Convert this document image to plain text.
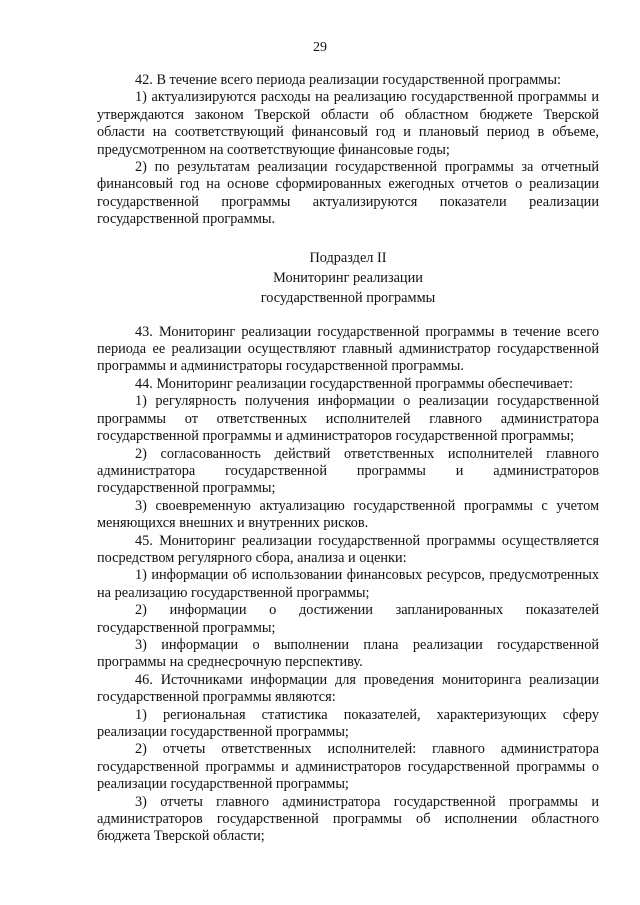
29

42. В течение всего периода реализации государственной программы:

1) актуализируются расходы на реализацию государственной программы и утверждаются законом Тверской области об областном бюджете Тверской области на соответствующий финансовый год и плановый период в объеме, предусмотренном на соответствующие финансовые годы;

2) по результатам реализации государственной программы за отчетный финансовый год на основе сформированных ежегодных отчетов о реализации государственной программы актуализируются показатели реализации государственной программы.

Подраздел II
Мониторинг реализации
государственной программы

43. Мониторинг реализации государственной программы в течение всего периода ее реализации осуществляют главный администратор государственной программы и администраторы государственной программы.

44. Мониторинг реализации государственной программы обеспечивает:

1) регулярность получения информации о реализации государственной программы от ответственных исполнителей главного администратора государственной программы и администраторов государственной программы;

2) согласованность действий ответственных исполнителей главного администратора государственной программы и администраторов государственной программы;

3) своевременную актуализацию государственной программы с учетом меняющихся внешних и внутренних рисков.

45. Мониторинг реализации государственной программы осуществляется посредством регулярного сбора, анализа и оценки:

1) информации об использовании финансовых ресурсов, предусмотренных на реализацию государственной программы;

2) информации о достижении запланированных показателей государственной программы;

3) информации о выполнении плана реализации государственной программы на среднесрочную перспективу.

46. Источниками информации для проведения мониторинга реализации государственной программы являются:

1) региональная статистика показателей, характеризующих сферу реализации государственной программы;

2) отчеты ответственных исполнителей: главного администратора государственной программы и администраторов государственной программы о реализации государственной программы;

3) отчеты главного администратора государственной программы и администраторов государственной программы об исполнении областного бюджета Тверской области;
